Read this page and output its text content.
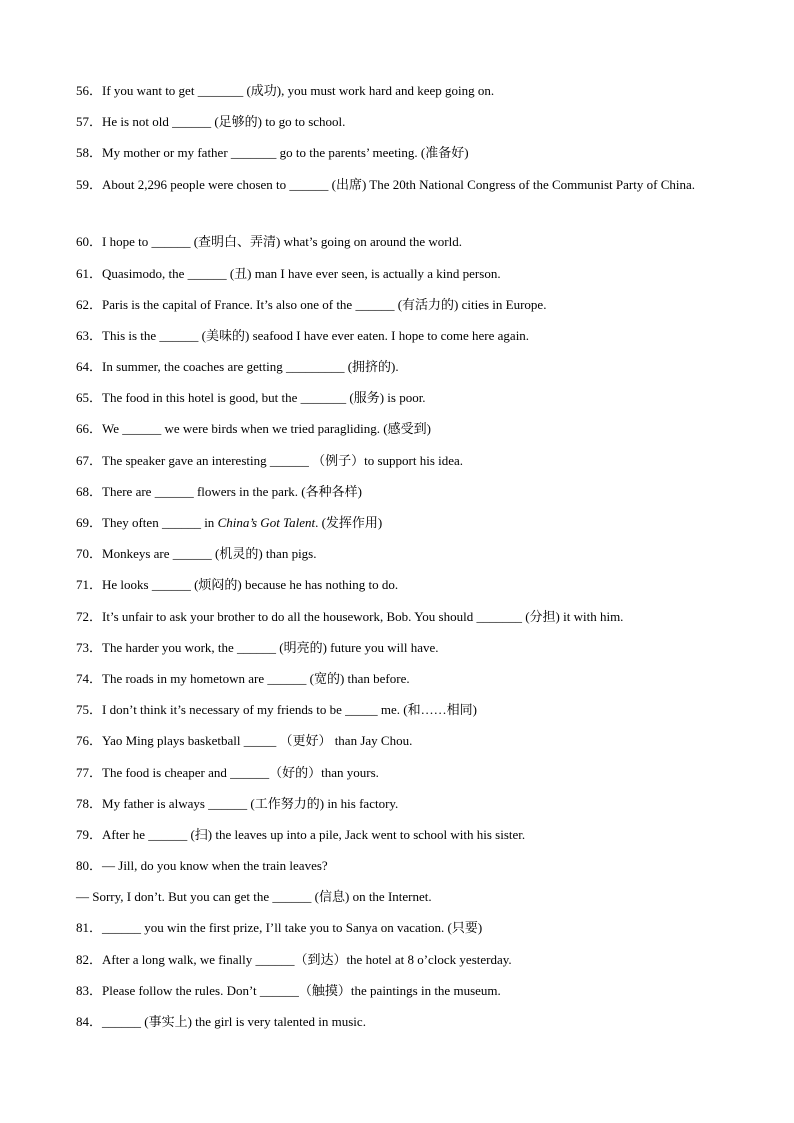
56．If you want to get _______ (成功), you must work hard and keep going on.
57．He is not old ______ (足够的) to go to school.
58．My mother or my father _______ go to the parents’ meeting. (准备好)
59．About 2,296 people were chosen to ______ (出席) The 20th National Congress of the Communist Party of China.
60．I hope to ______ (查明白、弄清) what’s going on around the world.
61．Quasimodo, the ______ (丑) man I have ever seen, is actually a kind person.
62．Paris is the capital of France. It’s also one of the ______ (有活力的) cities in Europe.
63．This is the ______ (美味的) seafood I have ever eaten. I hope to come here again.
64．In summer, the coaches are getting _________ (拥挤的).
65．The food in this hotel is good, but the _______ (服务) is poor.
66．We ______ we were birds when we tried paragliding. (感受到)
67．The speaker gave an interesting ______ （例子）to support his idea.
68．There are ______ flowers in the park. (各种各样)
69．They often ______ in China’s Got Talent. (发挥作用)
70．Monkeys are ______ (机灵的) than pigs.
71．He looks ______ (烦闷的) because he has nothing to do.
72．It’s unfair to ask your brother to do all the housework, Bob. You should _______ (分担) it with him.
73．The harder you work, the ______ (明亮的) future you will have.
74．The roads in my hometown are ______ (宽的) than before.
75．I don’t think it’s necessary of my friends to be _____ me. (和……相同)
76．Yao Ming plays basketball _____ （更好） than Jay Chou.
77．The food is cheaper and ______（好的）than yours.
78．My father is always ______ (工作努力的) in his factory.
79．After he ______ (扫) the leaves up into a pile, Jack went to school with his sister.
80．— Jill, do you know when the train leaves?
— Sorry, I don’t. But you can get the ______ (信息) on the Internet.
81．______ you win the first prize, I’ll take you to Sanya on vacation. (只要)
82．After a long walk, we finally ______（到达）the hotel at 8 o’clock yesterday.
83．Please follow the rules. Don’t ______（触摸）the paintings in the museum.
84．______ (事实上) the girl is very talented in music.
